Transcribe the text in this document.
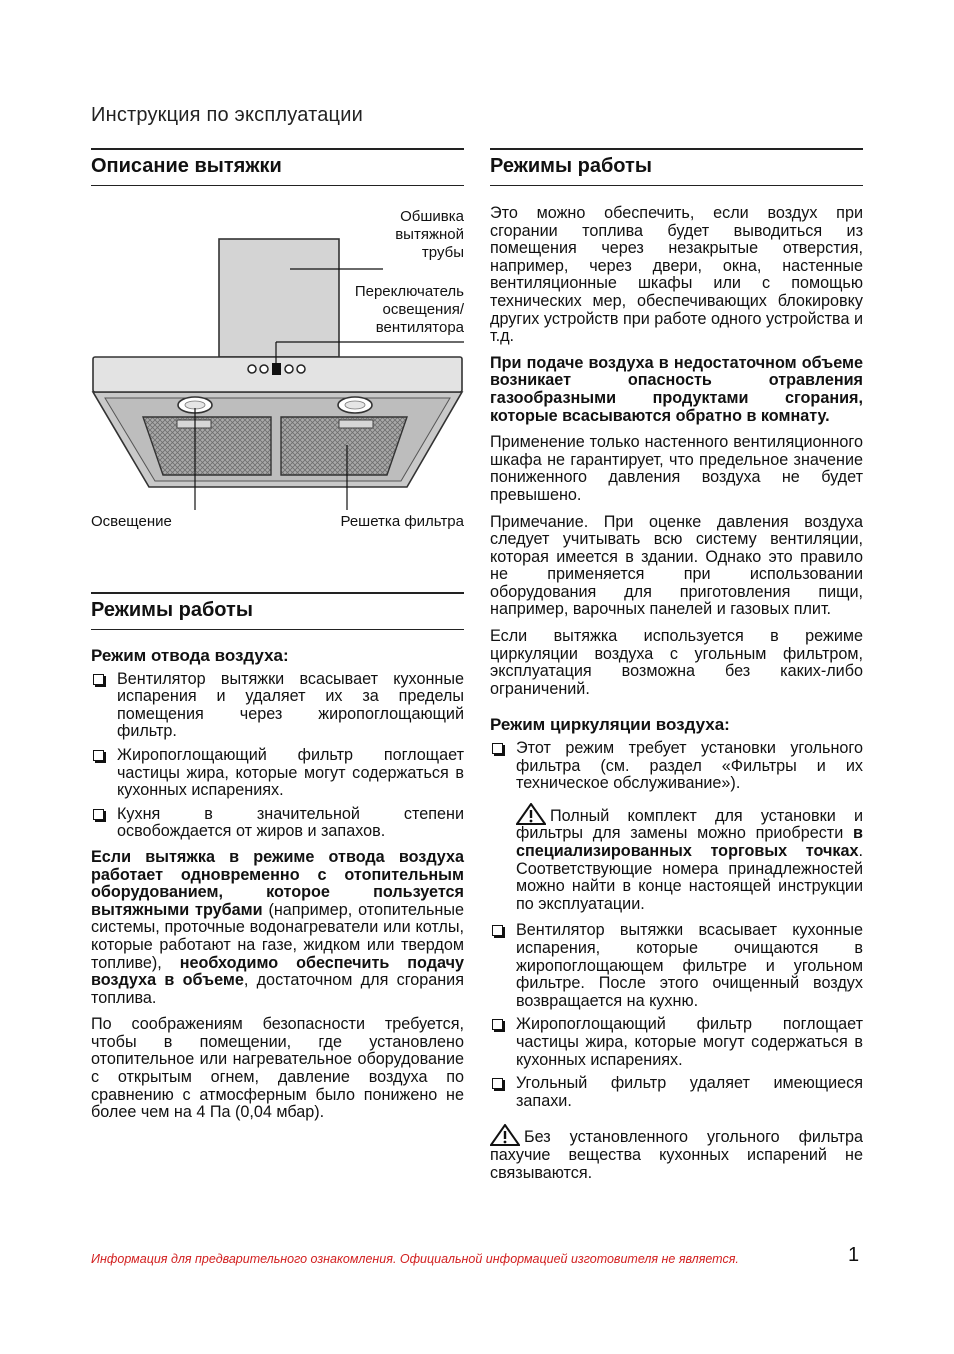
Инструкция по эксплуатации
Описание вытяжки
Обшивка
вытяжной
трубы
Переключатель
освещения/
вентилятора
Освещение	Решетка фильтра
Режимы работы
Режим отвода воздуха:
Вентилятор вытяжки всасывает кухонные испарения и удаляет их за пределы помещения через жиропоглощающий фильтр.
Жиропоглощающий фильтр поглощает частицы жира, которые могут содержаться в кухонных испарениях.
Кухня в значительной степени освобождается от жиров и запахов.

Если вытяжка в режиме отвода воздуха работает одновременно с отопительным оборудованием, которое пользуется вытяжными трубами (например, отопительные системы, проточные водонагреватели или котлы, которые работают на газе, жидком или твердом топливе), необходимо обеспечить подачу воздуха в объеме, достаточном для сгорания топлива.

По соображениям безопасности требуется, чтобы в помещении, где установлено отопительное или нагревательное оборудование с открытым огнем, давление воздуха по сравнению с атмосферным было понижено не более чем на 4 Па (0,04 мбар).

Режимы работы

Это можно обеспечить, если воздух при сгорании топлива будет выводиться из помещения через незакрытые отверстия, например, через двери, окна, настенные вентиляционные шкафы или с помощью технических мер, обеспечивающих блокировку других устройств при работе одного устройства и т.д.

При подаче воздуха в недостаточном объеме возникает опасность отравления газообразными продуктами сгорания, которые всасываются обратно в комнату.

Применение только настенного вентиляционного шкафа не гарантирует, что предельное значение пониженного давления воздуха не будет превышено.

Примечание. При оценке давления воздуха следует учитывать всю систему вентиляции, которая имеется в здании. Однако это правило не применяется при использовании оборудования для приготовления пищи, например, варочных панелей и газовых плит.

Если вытяжка используется в режиме циркуляции воздуха с угольным фильтром, эксплуатация возможна без каких-либо ограничений.

Режим циркуляции воздуха:
Этот режим требует установки угольного фильтра (см. раздел «Фильтры и их техническое обслуживание»).

Полный комплект для установки и фильтры для замены можно приобрести в специализированных торговых точках. Соответствующие номера принадлежностей можно найти в конце настоящей инструкции по эксплуатации.

Вентилятор вытяжки всасывает кухонные испарения, которые очищаются в жиропоглощающем фильтре и угольном фильтре. После этого очищенный воздух возвращается на кухню.
Жиропоглощающий фильтр поглощает частицы жира, которые могут содержаться в кухонных испарениях.
Угольный фильтр удаляет имеющиеся запахи.

Без установленного угольного фильтра пахучие вещества кухонных испарений не связываются.

Информация для предварительного ознакомления. Официальной информацией изготовителя не является.	1
